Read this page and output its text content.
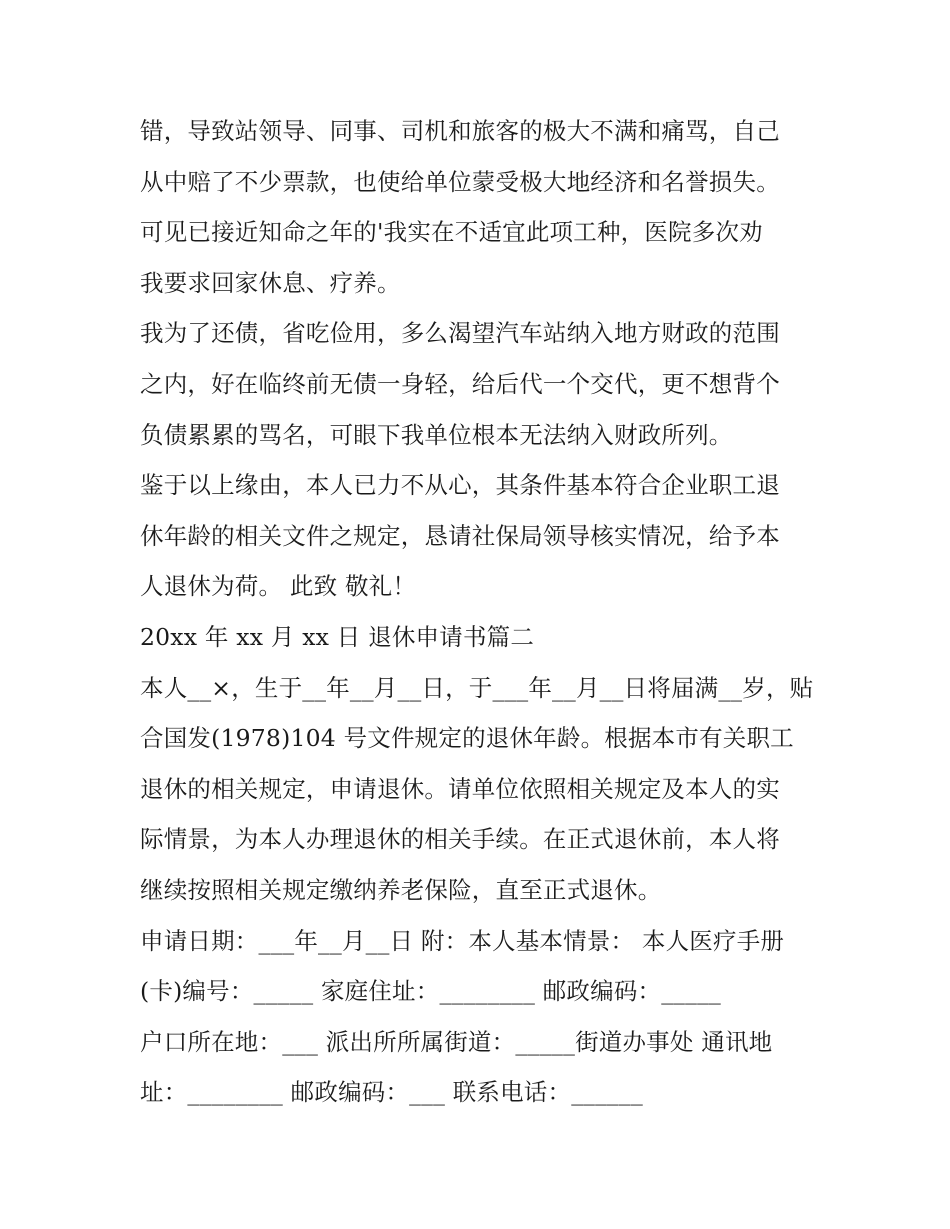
错，导致站领导、同事、司机和旅客的极大不满和痛骂，自己
从中赔了不少票款，也使给单位蒙受极大地经济和名誉损失。
可见已接近知命之年的'我实在不适宜此项工种，医院多次劝
我要求回家休息、疗养。
我为了还债，省吃俭用，多么渴望汽车站纳入地方财政的范围
之内，好在临终前无债一身轻，给后代一个交代，更不想背个
负债累累的骂名，可眼下我单位根本无法纳入财政所列。
鉴于以上缘由，本人已力不从心，其条件基本符合企业职工退
休年龄的相关文件之规定，恳请社保局领导核实情况，给予本
人退休为荷。 此致 敬礼！
20xx 年 xx 月 xx 日 退休申请书篇二
本人__×，生于__年__月__日，于___年__月__日将届满__岁，贴
合国发(1978)104 号文件规定的退休年龄。根据本市有关职工
退休的相关规定，申请退休。请单位依照相关规定及本人的实
际情景，为本人办理退休的相关手续。在正式退休前，本人将
继续按照相关规定缴纳养老保险，直至正式退休。
申请日期：___年__月__日 附：本人基本情景： 本人医疗手册
(卡)编号：_____ 家庭住址：________ 邮政编码：_____
户口所在地：___ 派出所所属街道：_____街道办事处 通讯地
址：________ 邮政编码：___ 联系电话：______
